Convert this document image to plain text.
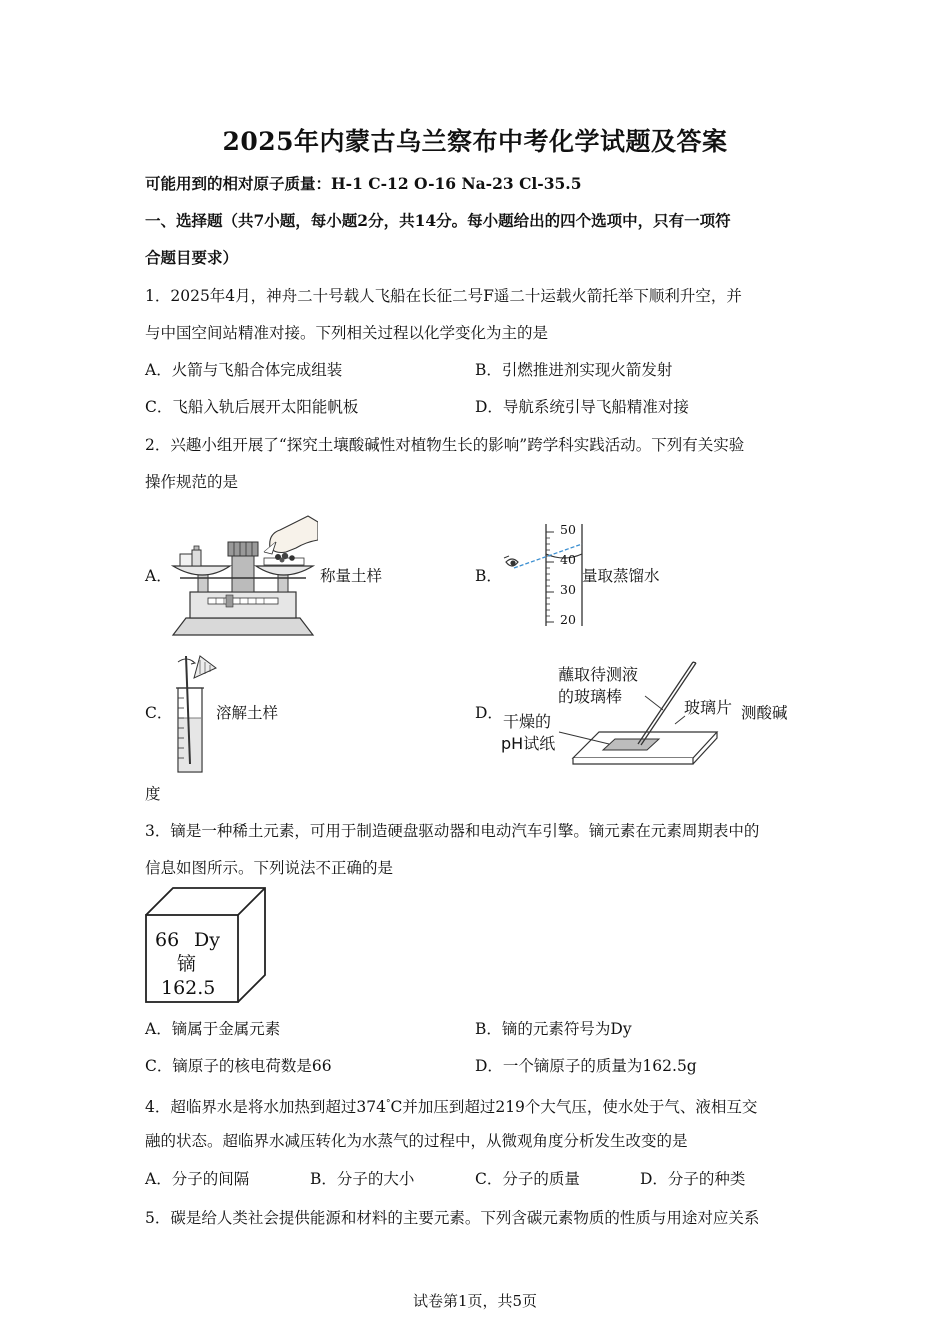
2025年内蒙古乌兰察布中考化学试题及答案
可能用到的相对原子质量：H-1 C-12 O-16 Na-23 Cl-35.5
一、选择题（共7小题，每小题2分，共14分。每小题给出的四个选项中，只有一项符
合题目要求）
1．2025年4月，神舟二十号载人飞船在长征二号F遥二十运载火箭托举下顺利升空，并
与中国空间站精准对接。下列相关过程以化学变化为主的是
A．火箭与飞船合体完成组装	B．引燃推进剂实现火箭发射
C．飞船入轨后展开太阳能帆板	D．导航系统引导飞船精准对接
2．兴趣小组开展了“探究土壤酸碱性对植物生长的影响”跨学科实践活动。下列有关实验
操作规范的是
A．	称量土样	B．
50
40
30
20
量取蒸馏水
C．	溶解土样	D．
蘸取待测液
的玻璃棒
玻璃片
干燥的
pH试纸
测酸碱
度
3．镝是一种稀土元素，可用于制造硬盘驱动器和电动汽车引擎。镝元素在元素周期表中的
信息如图所示。下列说法不正确的是
66 Dy
镝
162.5
A．镝属于金属元素	B．镝的元素符号为Dy
C．镝原子的核电荷数是66	D．一个镝原子的质量为162.5g
4．超临界水是将水加热到超过374°C并加压到超过219个大气压，使水处于气、液相互交
融的状态。超临界水减压转化为水蒸气的过程中，从微观角度分析发生改变的是
A．分子的间隔	B．分子的大小	C．分子的质量	D．分子的种类
5．碳是给人类社会提供能源和材料的主要元素。下列含碳元素物质的性质与用途对应关系
试卷第1页，共5页
